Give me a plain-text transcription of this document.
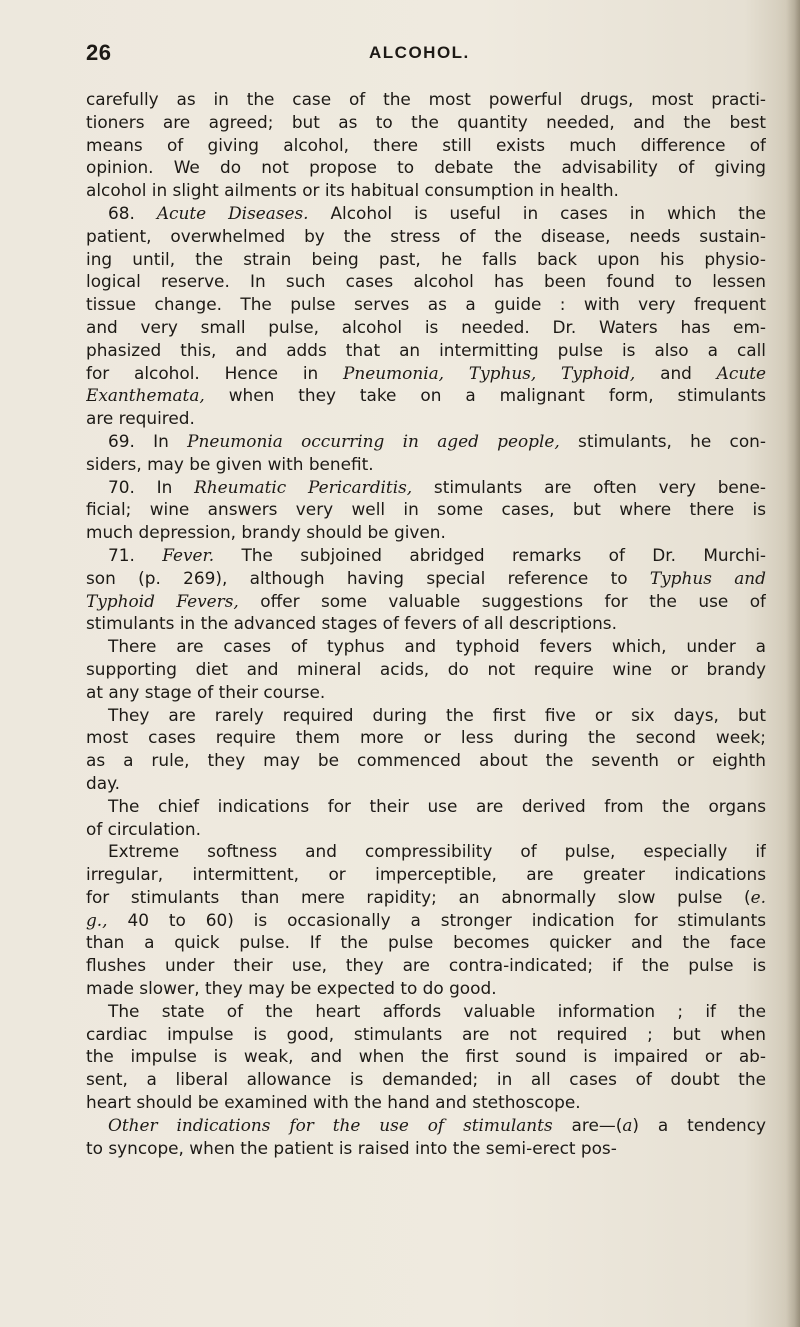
26	ALCOHOL.
carefully as in the case of the most powerful drugs, most practi-
tioners are agreed; but as to the quantity needed, and the best
means of giving alcohol, there still exists much difference of
opinion. We do not propose to debate the advisability of giving
alcohol in slight ailments or its habitual consumption in health.
68. Acute Diseases. Alcohol is useful in cases in which the
patient, overwhelmed by the stress of the disease, needs sustain-
ing until, the strain being past, he falls back upon his physio-
logical reserve. In such cases alcohol has been found to lessen
tissue change. The pulse serves as a guide : with very frequent
and very small pulse, alcohol is needed. Dr. Waters has em-
phasized this, and adds that an intermitting pulse is also a call
for alcohol. Hence in Pneumonia, Typhus, Typhoid, and Acute
Exanthemata, when they take on a malignant form, stimulants
are required.
69. In Pneumonia occurring in aged people, stimulants, he con-
siders, may be given with benefit.
70. In Rheumatic Pericarditis, stimulants are often very bene-
ficial; wine answers very well in some cases, but where there is
much depression, brandy should be given.
71. Fever. The subjoined abridged remarks of Dr. Murchi-
son (p. 269), although having special reference to Typhus and
Typhoid Fevers, offer some valuable suggestions for the use of
stimulants in the advanced stages of fevers of all descriptions.
There are cases of typhus and typhoid fevers which, under a
supporting diet and mineral acids, do not require wine or brandy
at any stage of their course.
They are rarely required during the first five or six days, but
most cases require them more or less during the second week;
as a rule, they may be commenced about the seventh or eighth
day.
The chief indications for their use are derived from the organs
of circulation.
Extreme softness and compressibility of pulse, especially if
irregular, intermittent, or imperceptible, are greater indications
for stimulants than mere rapidity; an abnormally slow pulse (e.
g., 40 to 60) is occasionally a stronger indication for stimulants
than a quick pulse. If the pulse becomes quicker and the face
flushes under their use, they are contra-indicated; if the pulse is
made slower, they may be expected to do good.
The state of the heart affords valuable information ; if the
cardiac impulse is good, stimulants are not required ; but when
the impulse is weak, and when the first sound is impaired or ab-
sent, a liberal allowance is demanded; in all cases of doubt the
heart should be examined with the hand and stethoscope.
Other indications for the use of stimulants are—(a) a tendency
to syncope, when the patient is raised into the semi-erect pos-
